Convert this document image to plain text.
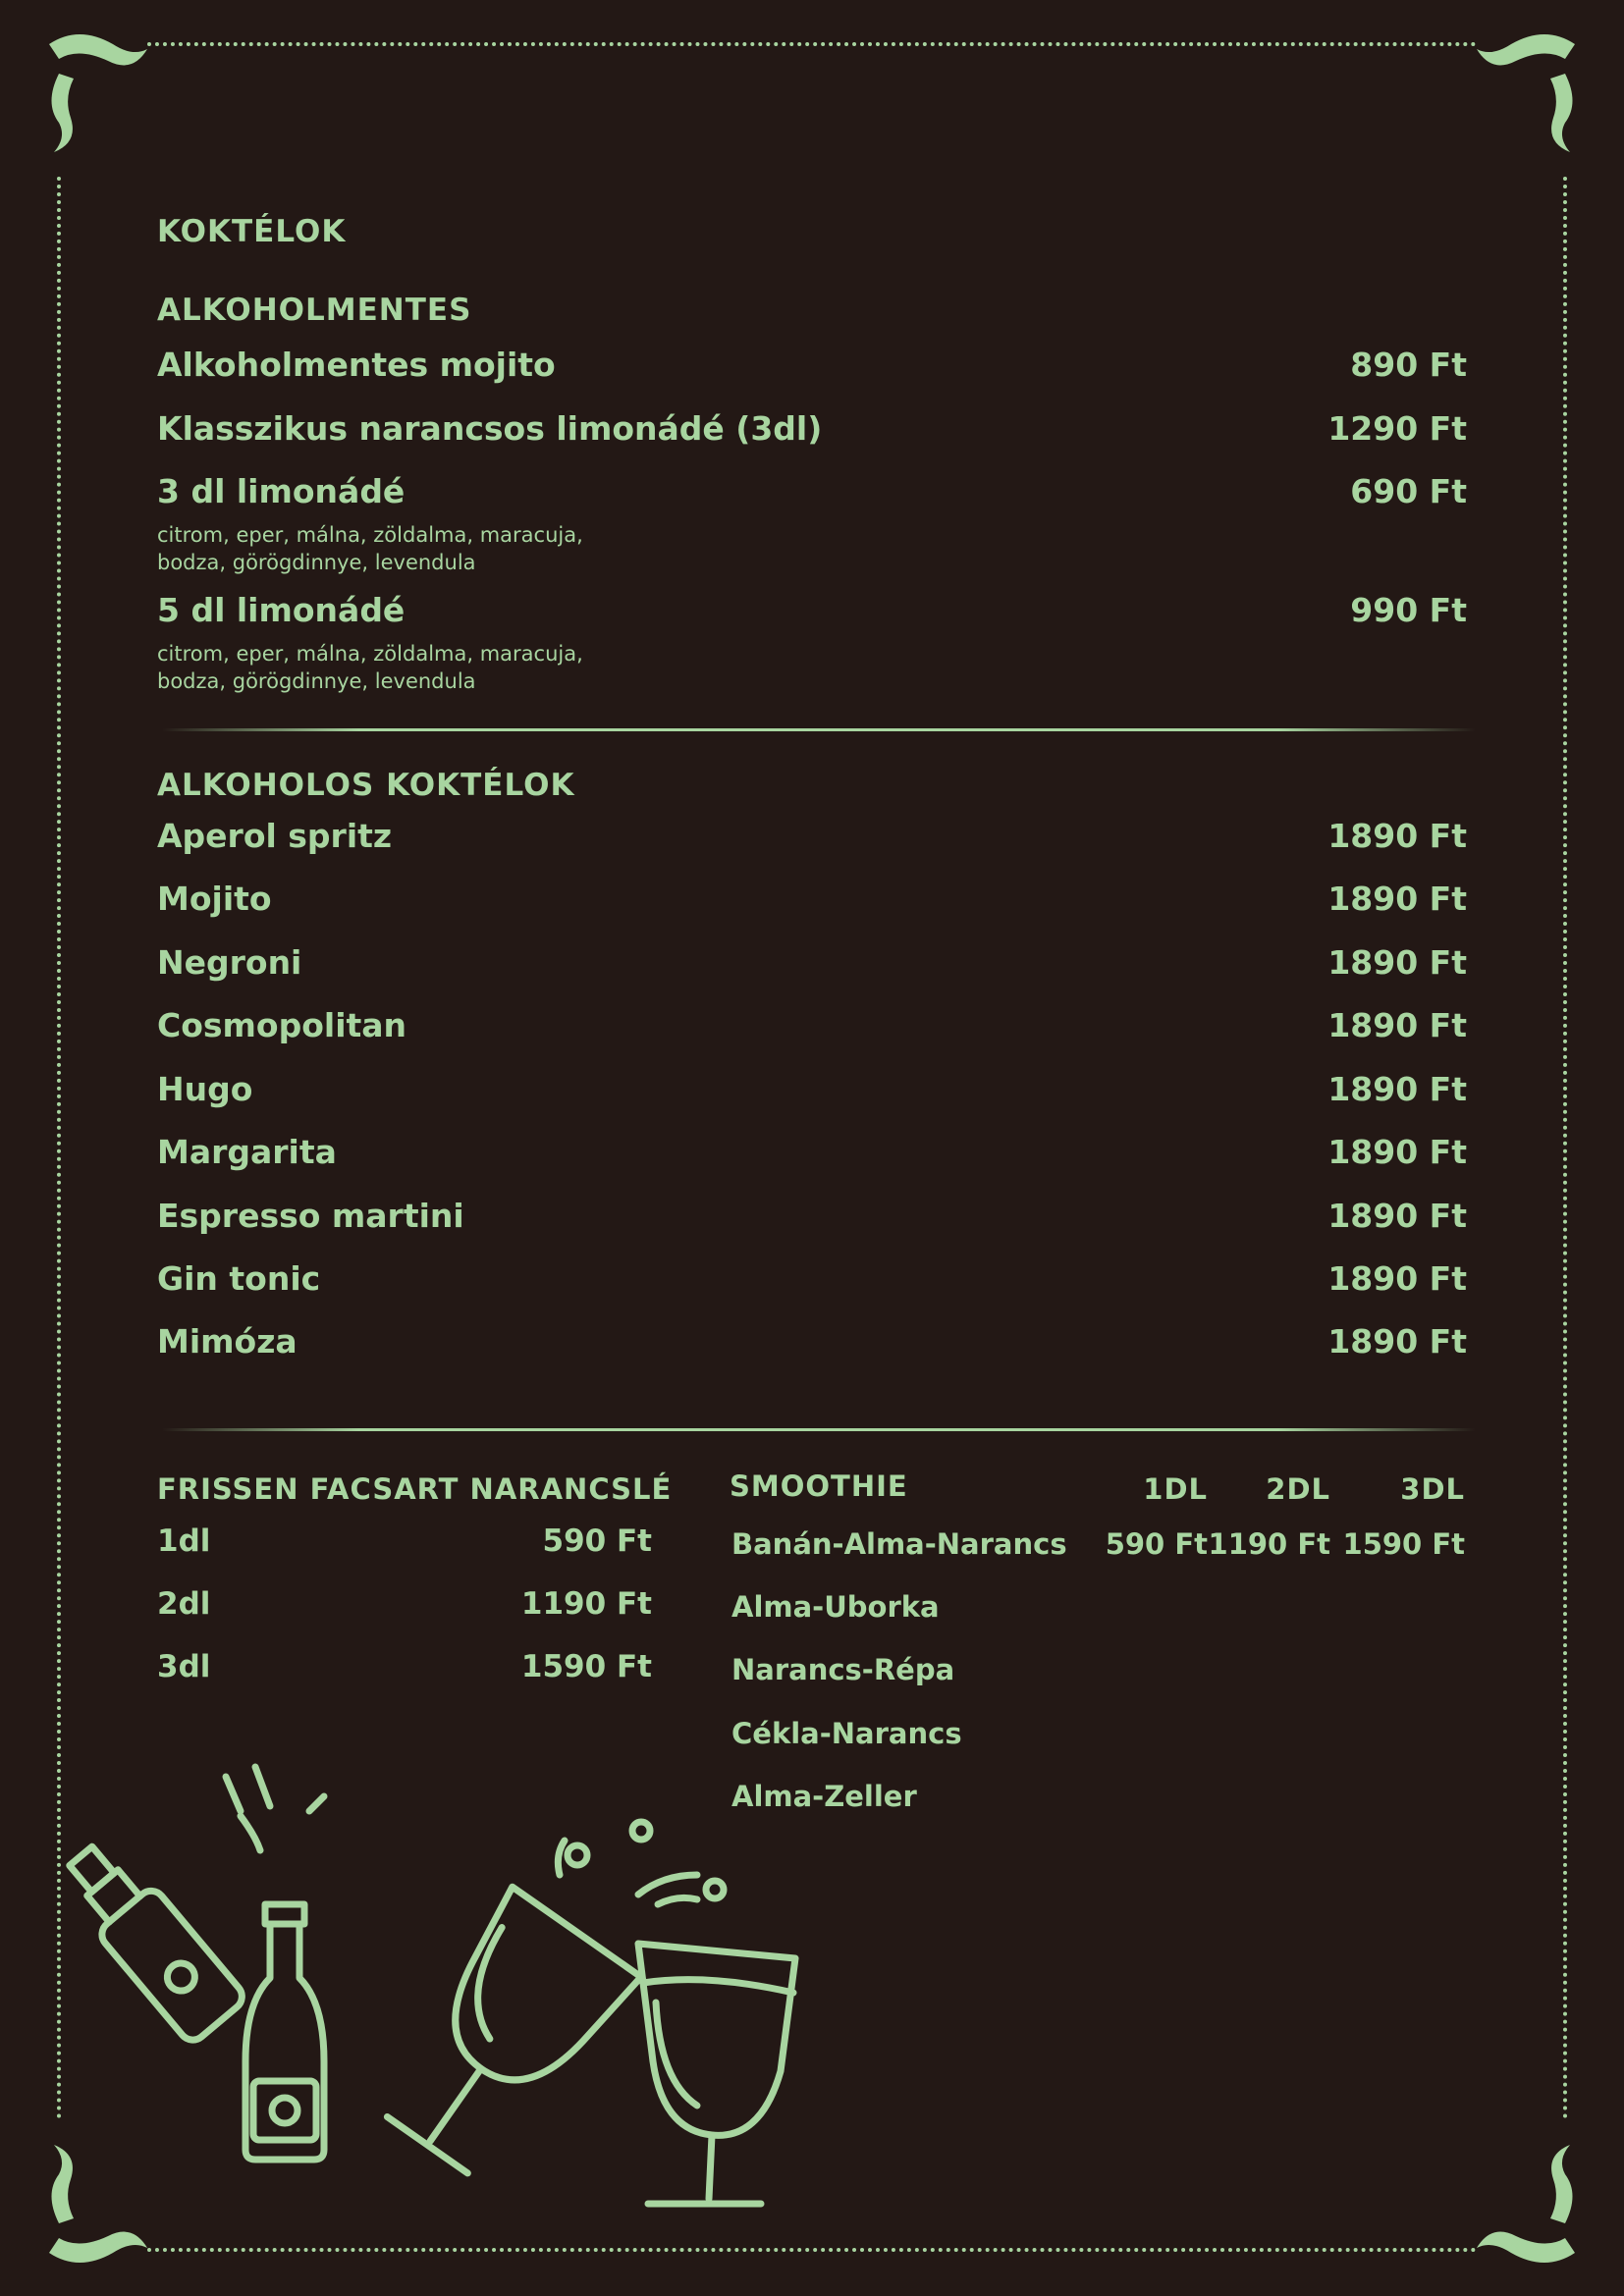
KOKTÉLOK
ALKOHOLMENTES
Alkoholmentes mojito	890 Ft
Klasszikus narancsos limonádé (3dl)	1290 Ft
3 dl limonádé	690 Ft
citrom, eper, málna, zöldalma, maracuja, bodza, görögdinnye, levendula
5 dl limonádé	990 Ft
citrom, eper, málna, zöldalma, maracuja, bodza, görögdinnye, levendula
ALKOHOLOS KOKTÉLOK
Aperol spritz	1890 Ft
Mojito	1890 Ft
Negroni	1890 Ft
Cosmopolitan	1890 Ft
Hugo	1890 Ft
Margarita	1890 Ft
Espresso martini	1890 Ft
Gin tonic	1890 Ft
Mimóza	1890 Ft
FRISSEN FACSART NARANCSLÉ
1dl	590 Ft
2dl	1190 Ft
3dl	1590 Ft
SMOOTHIE	1DL	2DL	3DL
Banán-Alma-Narancs	590 Ft 1190 Ft 1590 Ft
Alma-Uborka
Narancs-Répa
Cékla-Narancs
Alma-Zeller
